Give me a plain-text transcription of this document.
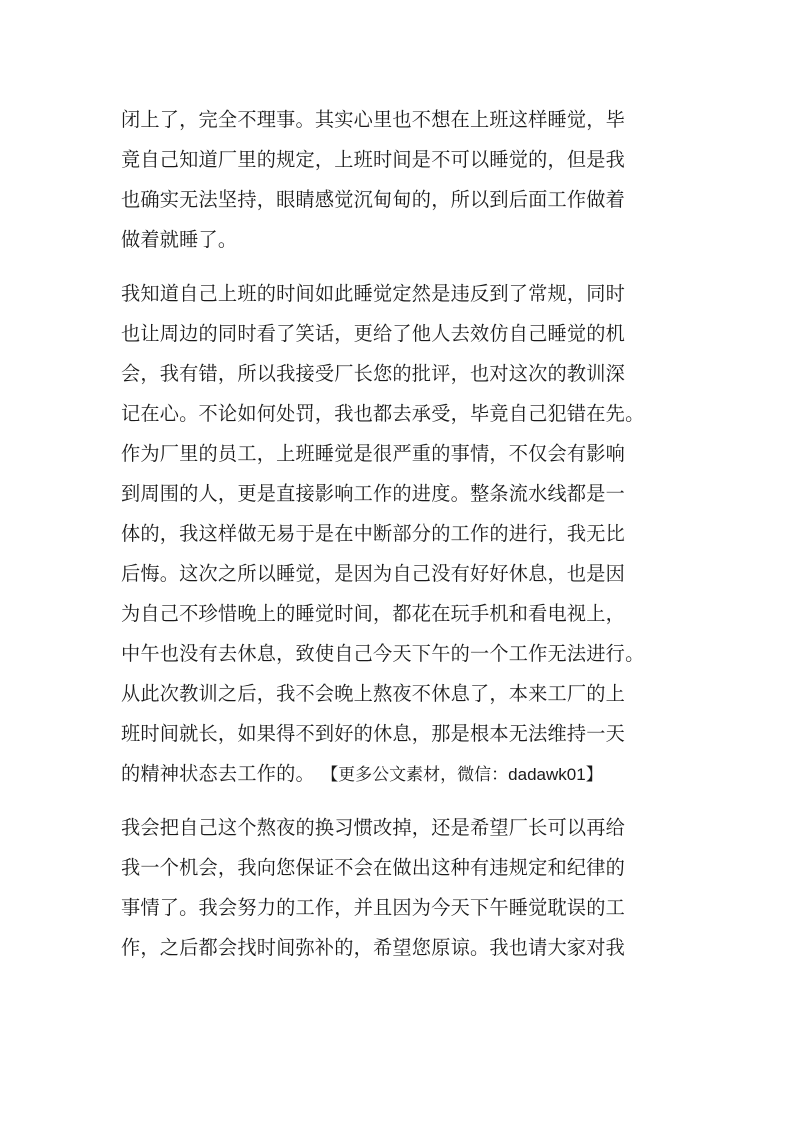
闭上了，完全不理事。其实心里也不想在上班这样睡觉，毕
竟自己知道厂里的规定，上班时间是不可以睡觉的，但是我
也确实无法坚持，眼睛感觉沉甸甸的，所以到后面工作做着
做着就睡了。
我知道自己上班的时间如此睡觉定然是违反到了常规，同时
也让周边的同时看了笑话，更给了他人去效仿自己睡觉的机
会，我有错，所以我接受厂长您的批评，也对这次的教训深
记在心。不论如何处罚，我也都去承受，毕竟自己犯错在先。
作为厂里的员工，上班睡觉是很严重的事情，不仅会有影响
到周围的人，更是直接影响工作的进度。整条流水线都是一
体的，我这样做无易于是在中断部分的工作的进行，我无比
后悔。这次之所以睡觉，是因为自己没有好好休息，也是因
为自己不珍惜晚上的睡觉时间，都花在玩手机和看电视上，
中午也没有去休息，致使自己今天下午的一个工作无法进行。
从此次教训之后，我不会晚上熬夜不休息了，本来工厂的上
班时间就长，如果得不到好的休息，那是根本无法维持一天
的精神状态去工作的。 【更多公文素材，微信：dadawk01】
我会把自己这个熬夜的换习惯改掉，还是希望厂长可以再给
我一个机会，我向您保证不会在做出这种有违规定和纪律的
事情了。我会努力的工作，并且因为今天下午睡觉耽误的工
作，之后都会找时间弥补的，希望您原谅。我也请大家对我
